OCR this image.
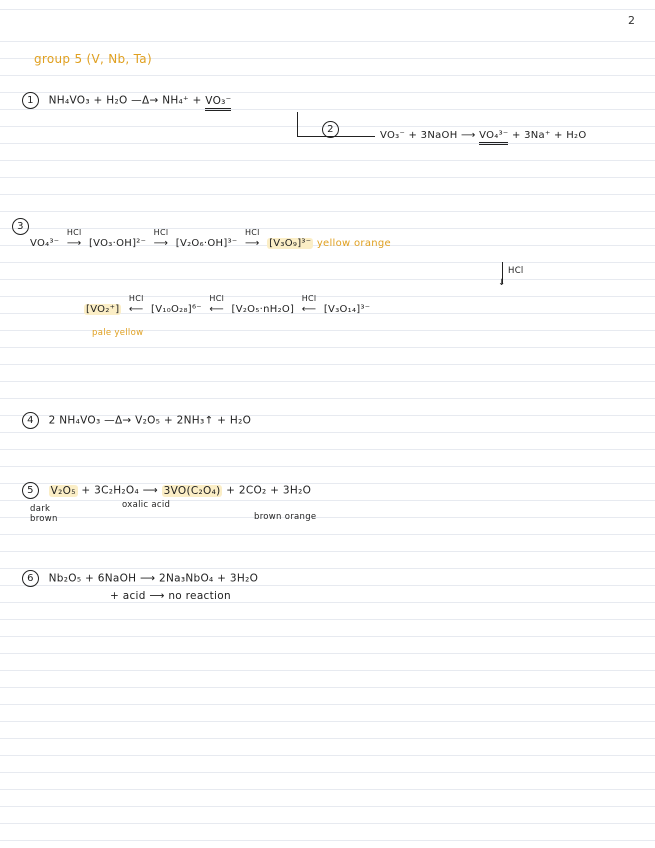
2
group 5 (V, Nb, Ta)
1 NH₄VO₃ + H₂O —Δ→ NH₄⁺ + VO₃⁻
2
VO₃⁻ + 3NaOH ⟶ VO₄³⁻ + 3Na⁺ + H₂O
3
VO₄³⁻
HCl
⟶ [VO₃·OH]²⁻
HCl
⟶ [V₂O₆·OH]³⁻
HCl
⟶ [V₃O₉]³⁻ yellow orange
↓
HCl
[VO₂⁺]
HCl
⟵ [V₁₀O₂₈]⁶⁻
HCl
⟵ [V₂O₅·nH₂O]
HCl
⟵ [V₃O₁₄]³⁻
pale yellow
4 2 NH₄VO₃ —Δ→ V₂O₅ + 2NH₃↑ + H₂O
5 V₂O₅ + 3C₂H₂O₄ ⟶ 3VO(C₂O₄) + 2CO₂ + 3H₂O
dark brown
oxalic acid
brown orange
6 Nb₂O₅ + 6NaOH ⟶ 2Na₃NbO₄ + 3H₂O
+ acid ⟶ no reaction
